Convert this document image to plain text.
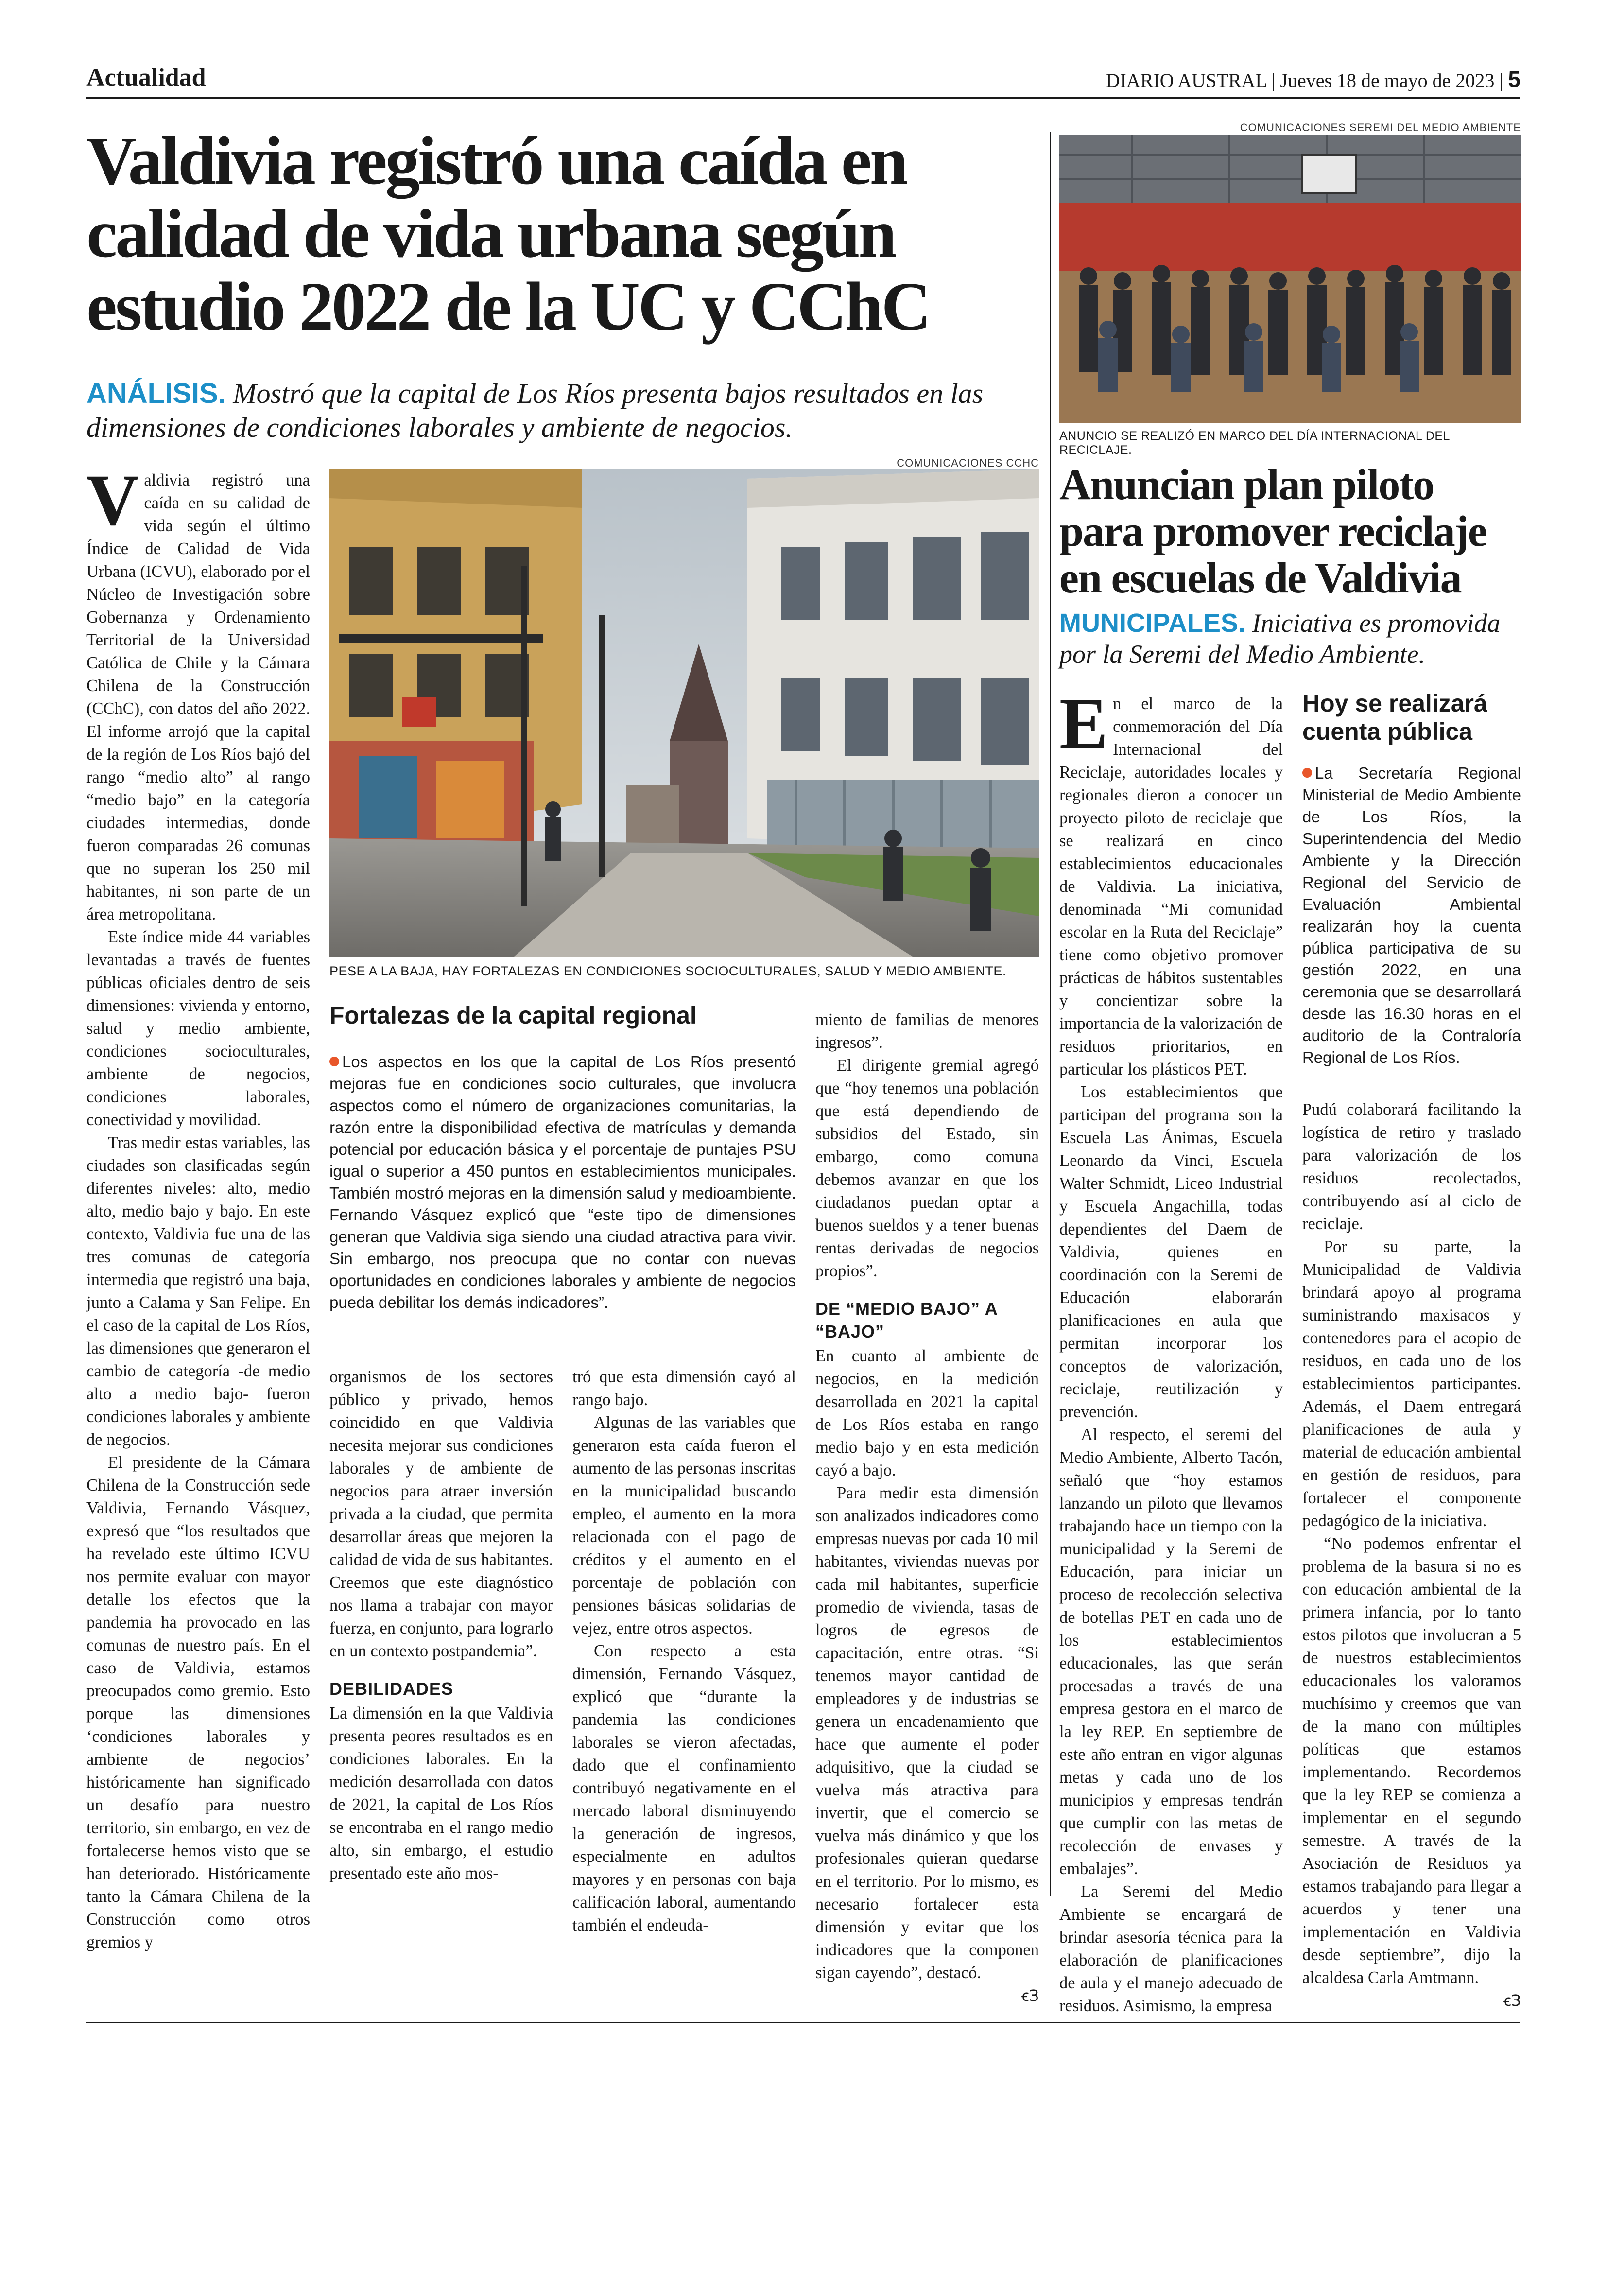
Actualidad	DIARIO AUSTRAL | Jueves 18 de mayo de 2023 | 5
Valdivia registró una caída en calidad de vida urbana según estudio 2022 de la UC y CChC
ANÁLISIS. Mostró que la capital de Los Ríos presenta bajos resultados en las dimensiones de condiciones laborales y ambiente de negocios.
V aldivia registró una caída en su calidad de vida según el último Índice de Calidad de Vida Urbana (ICVU), elaborado por el Núcleo de Investigación sobre Gobernanza y Ordenamiento Territorial de la Universidad Católica de Chile y la Cámara Chilena de la Construcción (CChC), con datos del año 2022. El informe arrojó que la capital de la región de Los Ríos bajó del rango “medio alto” al rango “medio bajo” en la categoría ciudades intermedias, donde fueron comparadas 26 comunas que no superan los 250 mil habitantes, ni son parte de un área metropolitana.

Este índice mide 44 variables levantadas a través de fuentes públicas oficiales dentro de seis dimensiones: vivienda y entorno, salud y medio ambiente, condiciones socioculturales, ambiente de negocios, condiciones laborales, conectividad y movilidad.

Tras medir estas variables, las ciudades son clasificadas según diferentes niveles: alto, medio alto, medio bajo y bajo. En este contexto, Valdivia fue una de las tres comunas de categoría intermedia que registró una baja, junto a Calama y San Felipe. En el caso de la capital de Los Ríos, las dimensiones que generaron el cambio de categoría -de medio alto a medio bajo- fueron condiciones laborales y ambiente de negocios.

El presidente de la Cámara Chilena de la Construcción sede Valdivia, Fernando Vásquez, expresó que “los resultados que ha revelado este último ICVU nos permite evaluar con mayor detalle los efectos que la pandemia ha provocado en las comunas de nuestro país. En el caso de Valdivia, estamos preocupados como gremio. Esto porque las dimensiones ‘condiciones laborales y ambiente de negocios’ históricamente han significado un desafío para nuestro territorio, sin embargo, en vez de fortalecerse hemos visto que se han deteriorado. Históricamente tanto la Cámara Chilena de la Construcción como otros gremios y

COMUNICACIONES CCHC
PESE A LA BAJA, HAY FORTALEZAS EN CONDICIONES SOCIOCULTURALES, SALUD Y MEDIO AMBIENTE.
Fortalezas de la capital regional

Los aspectos en los que la capital de Los Ríos presentó mejoras fue en condiciones socio culturales, que involucra aspectos como el número de organizaciones comunitarias, la razón entre la disponibilidad efectiva de matrículas y demanda potencial por educación básica y el porcentaje de puntajes PSU igual o superior a 450 puntos en establecimientos municipales. También mostró mejoras en la dimensión salud y medioambiente. Fernando Vásquez explicó que “este tipo de dimensiones generan que Valdivia siga siendo una ciudad atractiva para vivir. Sin embargo, nos preocupa que no contar con nuevas oportunidades en condiciones laborales y ambiente de negocios pueda debilitar los demás indicadores”.

organismos de los sectores público y privado, hemos coincidido en que Valdivia necesita mejorar sus condiciones laborales y de ambiente de negocios para atraer inversión privada a la ciudad, que permita desarrollar áreas que mejoren la calidad de vida de sus habitantes. Creemos que este diagnóstico nos llama a trabajar con mayor fuerza, en conjunto, para lograrlo en un contexto postpandemia”.

DEBILIDADES

La dimensión en la que Valdivia presenta peores resultados es en condiciones laborales. En la medición desarrollada con datos de 2021, la capital de Los Ríos se encontraba en el rango medio alto, sin embargo, el estudio presentado este año mos-

tró que esta dimensión cayó al rango bajo.

Algunas de las variables que generaron esta caída fueron el aumento de las personas inscritas en la municipalidad buscando empleo, el aumento en la mora relacionada con el pago de créditos y el aumento en el porcentaje de población con pensiones básicas solidarias de vejez, entre otros aspectos.

Con respecto a esta dimensión, Fernando Vásquez, explicó que “durante la pandemia las condiciones laborales se vieron afectadas, dado que el confinamiento contribuyó negativamente en el mercado laboral disminuyendo la generación de ingresos, especialmente en adultos mayores y en personas con baja calificación laboral, aumentando también el endeuda-

miento de familias de menores ingresos”.

El dirigente gremial agregó que “hoy tenemos una población que está dependiendo de subsidios del Estado, sin embargo, como comuna debemos avanzar en que los ciudadanos puedan optar a buenos sueldos y a tener buenas rentas derivadas de negocios propios”.

DE “MEDIO BAJO” A “BAJO”

En cuanto al ambiente de negocios, en la medición desarrollada en 2021 la capital de Los Ríos estaba en rango medio bajo y en esta medición cayó a bajo.

Para medir esta dimensión son analizados indicadores como empresas nuevas por cada 10 mil habitantes, viviendas nuevas por cada mil habitantes, superficie promedio de vivienda, tasas de logros de egresos de capacitación, entre otras. “Si tenemos mayor cantidad de empleadores y de industrias se genera un encadenamiento que hace que aumente el poder adquisitivo, que la ciudad se vuelva más atractiva para invertir, que el comercio se vuelva más dinámico y que los profesionales quieran quedarse en el territorio. Por lo mismo, es necesario fortalecer esta dimensión y evitar que los indicadores que la componen sigan cayendo”, destacó.

ꞓЗ
COMUNICACIONES SEREMI DEL MEDIO AMBIENTE
ANUNCIO SE REALIZÓ EN MARCO DEL DÍA INTERNACIONAL DEL RECICLAJE.
Anuncian plan piloto para promover reciclaje en escuelas de Valdivia
MUNICIPALES. Iniciativa es promovida por la Seremi del Medio Ambiente.
E n el marco de la conmemoración del Día Internacional del Reciclaje, autoridades locales y regionales dieron a conocer un proyecto piloto de reciclaje que se realizará en cinco establecimientos educacionales de Valdivia. La iniciativa, denominada “Mi comunidad escolar en la Ruta del Reciclaje” tiene como objetivo promover prácticas de hábitos sustentables y concientizar sobre la importancia de la valorización de residuos prioritarios, en particular los plásticos PET.

Los establecimientos que participan del programa son la Escuela Las Ánimas, Escuela Leonardo da Vinci, Escuela Walter Schmidt, Liceo Industrial y Escuela Angachilla, todas dependientes del Daem de Valdivia, quienes en coordinación con la Seremi de Educación elaborarán planificaciones en aula que permitan incorporar los conceptos de valorización, reciclaje, reutilización y prevención.

Al respecto, el seremi del Medio Ambiente, Alberto Tacón, señaló que “hoy estamos lanzando un piloto que llevamos trabajando hace un tiempo con la municipalidad y la Seremi de Educación, para iniciar un proceso de recolección selectiva de botellas PET en cada uno de los establecimientos educacionales, las que serán procesadas a través de una empresa gestora en el marco de la ley REP. En septiembre de este año entran en vigor algunas metas y cada uno de los municipios y empresas tendrán que cumplir con las metas de recolección de envases y embalajes”.

La Seremi del Medio Ambiente se encargará de brindar asesoría técnica para la elaboración de planificaciones de aula y el manejo adecuado de residuos. Asimismo, la empresa

Hoy se realizará cuenta pública

La Secretaría Regional Ministerial de Medio Ambiente de Los Ríos, la Superintendencia del Medio Ambiente y la Dirección Regional del Servicio de Evaluación Ambiental realizarán hoy la cuenta pública participativa de su gestión 2022, en una ceremonia que se desarrollará desde las 16.30 horas en el auditorio de la Contraloría Regional de Los Ríos.

Pudú colaborará facilitando la logística de retiro y traslado para valorización de los residuos recolectados, contribuyendo así al ciclo de reciclaje.

Por su parte, la Municipalidad de Valdivia brindará apoyo al programa suministrando maxisacos y contenedores para el acopio de residuos, en cada uno de los establecimientos participantes. Además, el Daem entregará planificaciones de aula y material de educación ambiental en gestión de residuos, para fortalecer el componente pedagógico de la iniciativa.

“No podemos enfrentar el problema de la basura si no es con educación ambiental de la primera infancia, por lo tanto estos pilotos que involucran a 5 de nuestros establecimientos educacionales los valoramos muchísimo y creemos que van de la mano con múltiples políticas que estamos implementando. Recordemos que la ley REP se comienza a implementar en el segundo semestre. A través de la Asociación de Residuos ya estamos trabajando para llegar a acuerdos y tener una implementación en Valdivia desde septiembre”, dijo la alcaldesa Carla Amtmann.

ꞓЗ
